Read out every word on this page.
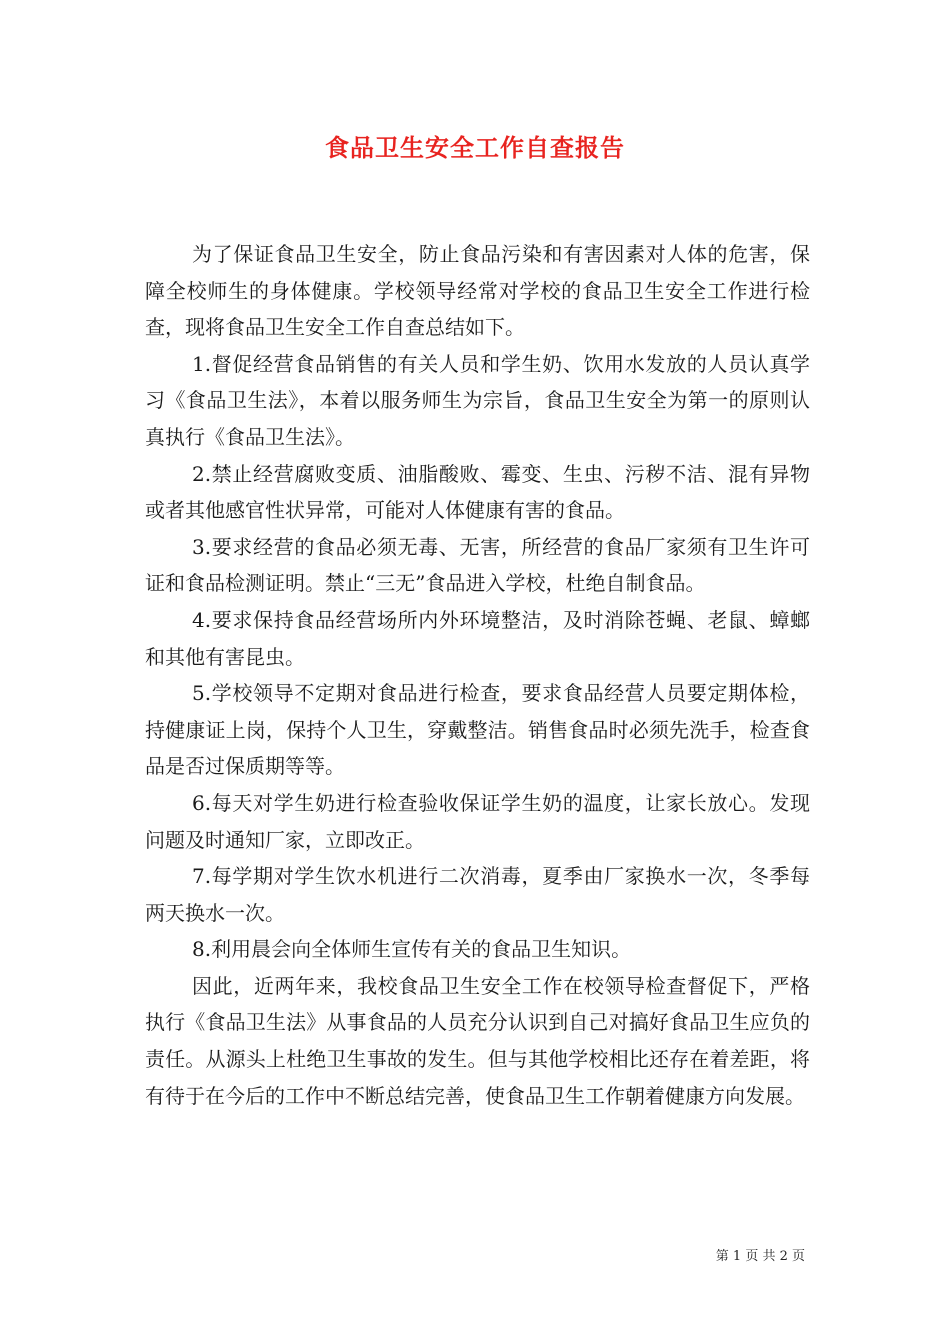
食品卫生安全工作自查报告

为了保证食品卫生安全，防止食品污染和有害因素对人体的危害，保障全校师生的身体健康。学校领导经常对学校的食品卫生安全工作进行检查，现将食品卫生安全工作自查总结如下。

1.督促经营食品销售的有关人员和学生奶、饮用水发放的人员认真学习《食品卫生法》，本着以服务师生为宗旨，食品卫生安全为第一的原则认真执行《食品卫生法》。

2.禁止经营腐败变质、油脂酸败、霉变、生虫、污秽不洁、混有异物或者其他感官性状异常，可能对人体健康有害的食品。

3.要求经营的食品必须无毒、无害，所经营的食品厂家须有卫生许可证和食品检测证明。禁止“三无”食品进入学校，杜绝自制食品。

4.要求保持食品经营场所内外环境整洁，及时消除苍蝇、老鼠、蟑螂和其他有害昆虫。

5.学校领导不定期对食品进行检查，要求食品经营人员要定期体检，持健康证上岗，保持个人卫生，穿戴整洁。销售食品时必须先洗手，检查食品是否过保质期等等。

6.每天对学生奶进行检查验收保证学生奶的温度，让家长放心。发现问题及时通知厂家，立即改正。

7.每学期对学生饮水机进行二次消毒，夏季由厂家换水一次，冬季每两天换水一次。

8.利用晨会向全体师生宣传有关的食品卫生知识。

因此，近两年来，我校食品卫生安全工作在校领导检查督促下，严格执行《食品卫生法》从事食品的人员充分认识到自己对搞好食品卫生应负的责任。从源头上杜绝卫生事故的发生。但与其他学校相比还存在着差距，将有待于在今后的工作中不断总结完善，使食品卫生工作朝着健康方向发展。

第 1 页 共 2 页
